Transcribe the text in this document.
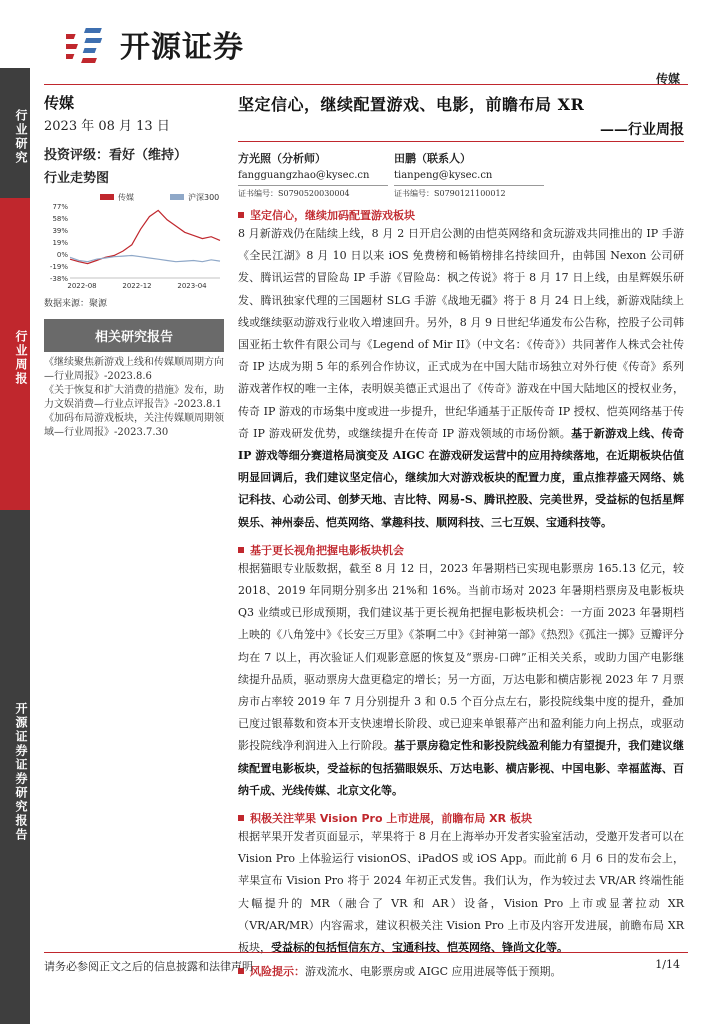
开源证券
传媒
行业研究
行业周报
开源证券证券研究报告
传媒
2023 年 08 月 13 日
投资评级：看好（维持）
行业走势图
传媒	沪深300
77%
58%
39%
19%
0%
-19%
-38%
2022-08	2022-12	2023-04
数据来源：聚源
相关研究报告
《继续聚焦新游戏上线和传媒顺周期方向—行业周报》-2023.8.6
《关于恢复和扩大消费的措施》发布，助力文娱消费—行业点评报告》-2023.8.1
《加码布局游戏板块，关注传媒顺周期领域—行业周报》-2023.7.30
坚定信心，继续配置游戏、电影，前瞻布局 XR
——行业周报
方光照（分析师）
fangguangzhao@kysec.cn
证书编号：S0790520030004
田鹏（联系人）
tianpeng@kysec.cn
证书编号：S0790121100012
坚定信心，继续加码配置游戏板块
8 月新游戏仍在陆续上线，8 月 2 日开启公测的由恺英网络和贪玩游戏共同推出的 IP 手游《全民江湖》8 月 10 日以来 iOS 免费榜和畅销榜排名持续回升，由韩国 Nexon 公司研发、腾讯运营的冒险岛 IP 手游《冒险岛：枫之传说》将于 8 月 17 日上线，由星辉娱乐研发、腾讯独家代理的三国题材 SLG 手游《战地无疆》将于 8 月 24 日上线，新游戏陆续上线或继续驱动游戏行业收入增速回升。另外，8 月 9 日世纪华通发布公告称，控股子公司韩国亚拓士软件有限公司与《Legend of Mir II》（中文名：《传奇》）共同著作人株式会社传奇 IP 达成为期 5 年的系列合作协议，正式成为在中国大陆市场独立对外行使《传奇》系列游戏著作权的唯一主体，表明娱美德正式退出了《传奇》游戏在中国大陆地区的授权业务，传奇 IP 游戏的市场集中度或进一步提升，世纪华通基于正版传奇 IP 授权、恺英网络基于传奇 IP 游戏研发优势，或继续提升在传奇 IP 游戏领域的市场份额。基于新游戏上线、传奇 IP 游戏等细分赛道格局演变及 AIGC 在游戏研发运营中的应用持续落地，在近期板块估值明显回调后，我们建议坚定信心，继续加大对游戏板块的配置力度，重点推荐盛天网络、姚记科技、心动公司、创梦天地、吉比特、网易-S、腾讯控股、完美世界，受益标的包括星辉娱乐、神州泰岳、恺英网络、掌趣科技、顺网科技、三七互娱、宝通科技等。
基于更长视角把握电影板块机会
根据猫眼专业版数据，截至 8 月 12 日，2023 年暑期档已实现电影票房 165.13 亿元，较 2018、2019 年同期分别多出 21%和 16%。当前市场对 2023 年暑期档票房及电影板块 Q3 业绩或已形成预期，我们建议基于更长视角把握电影板块机会：一方面 2023 年暑期档上映的《八角笼中》《长安三万里》《茶啊二中》《封神第一部》《热烈》《孤注一掷》豆瓣评分均在 7 以上，再次验证人们观影意愿的恢复及“票房-口碑”正相关关系，或助力国产电影继续提升品质，驱动票房大盘更稳定的增长；另一方面，万达电影和横店影视 2023 年 7 月票房市占率较 2019 年 7 月分别提升 3 和 0.5 个百分点左右，影投院线集中度的提升，叠加已度过银幕数和资本开支快速增长阶段、或已迎来单银幕产出和盈利能力向上拐点，或驱动影投院线净利润进入上行阶段。基于票房稳定性和影投院线盈利能力有望提升，我们建议继续配置电影板块，受益标的包括猫眼娱乐、万达电影、横店影视、中国电影、幸福蓝海、百纳千成、光线传媒、北京文化等。
积极关注苹果 Vision Pro 上市进展，前瞻布局 XR 板块
根据苹果开发者页面显示，苹果将于 8 月在上海举办开发者实验室活动，受邀开发者可以在 Vision Pro 上体验运行 visionOS、iPadOS 或 iOS App。而此前 6 月 6 日的发布会上，苹果宣布 Vision Pro 将于 2024 年初正式发售。我们认为，作为较过去 VR/AR 终端性能大幅提升的 MR（融合了 VR 和 AR）设备，Vision Pro 上市或显著拉动 XR（VR/AR/MR）内容需求，建议积极关注 Vision Pro 上市及内容开发进展，前瞻布局 XR 板块，受益标的包括恒信东方、宝通科技、恺英网络、锋尚文化等。
风险提示： 游戏流水、电影票房或 AIGC 应用进展等低于预期。
请务必参阅正文之后的信息披露和法律声明	1/14
